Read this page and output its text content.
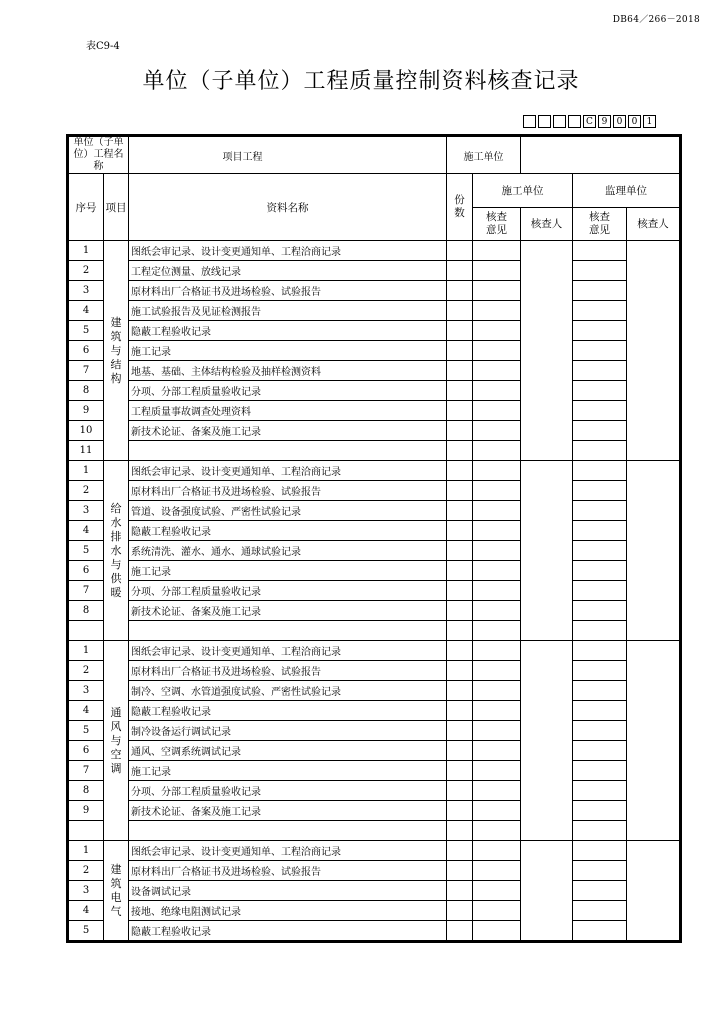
DB64／266－2018
表C9-4
单位（子单位）工程质量控制资料核查记录
C 9	0	0	1
单位（子单位）工程名称		项目工程	施工单位				
序号	项目	资料名称	份数	施工单位		监理单位	
				核查意见	核查人	核查意见	核查人
1	建筑与结构	图纸会审记录、设计变更通知单、工程洽商记录					
2		工程定位测量、放线记录					
3		原材料出厂合格证书及进场检验、试验报告					
4		施工试验报告及见证检测报告					
5		隐蔽工程验收记录					
6		施工记录					
7		地基、基础、主体结构检验及抽样检测资料					
8		分项、分部工程质量验收记录					
9		工程质量事故调查处理资料					
10		新技术论证、备案及施工记录					
11							
1	给水排水与供暖	图纸会审记录、设计变更通知单、工程洽商记录					
2		原材料出厂合格证书及进场检验、试验报告					
3		管道、设备强度试验、严密性试验记录					
4		隐蔽工程验收记录					
5		系统清洗、灌水、通水、通球试验记录					
6		施工记录					
7		分项、分部工程质量验收记录					
8		新技术论证、备案及施工记录					

1	通风与空调	图纸会审记录、设计变更通知单、工程洽商记录					
2		原材料出厂合格证书及进场检验、试验报告					
3		制冷、空调、水管道强度试验、严密性试验记录					
4		隐蔽工程验收记录					
5		制冷设备运行调试记录					
6		通风、空调系统调试记录					
7		施工记录					
8		分项、分部工程质量验收记录					
9		新技术论证、备案及施工记录					

1	建筑电气	图纸会审记录、设计变更通知单、工程洽商记录					
2		原材料出厂合格证书及进场检验、试验报告					
3		设备调试记录					
4		接地、绝缘电阻测试记录					
5		隐蔽工程验收记录					
